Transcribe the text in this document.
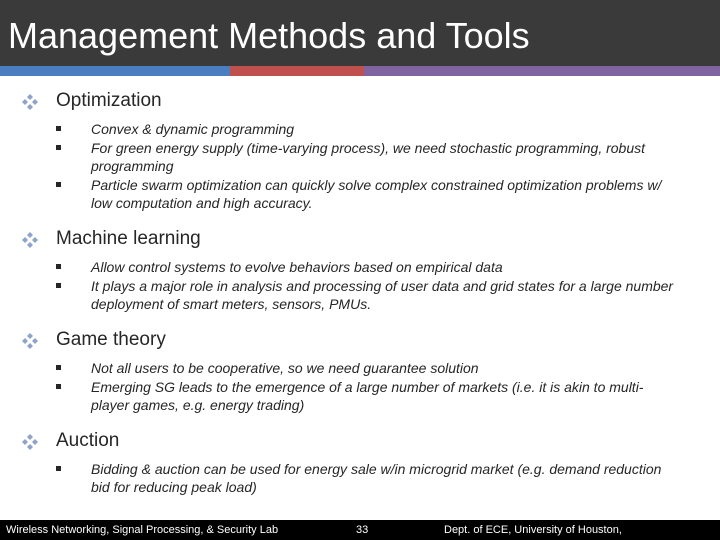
Management Methods and Tools
Optimization
Convex & dynamic programming
For green energy supply (time-varying process), we need stochastic programming, robust programming
Particle swarm optimization can quickly solve complex constrained optimization problems w/ low computation and high accuracy.
Machine learning
Allow control systems to evolve behaviors based on empirical data
It plays a major role in analysis and processing of user data and grid states for a large number deployment of smart meters, sensors, PMUs.
Game theory
Not all users to be cooperative, so we need guarantee solution
Emerging SG leads to the emergence of a large number of markets (i.e. it is akin to multi-player games, e.g. energy trading)
Auction
Bidding & auction can be used for energy sale w/in microgrid market (e.g. demand reduction bid for reducing peak load)
Wireless Networking, Signal Processing, & Security Lab	33	Dept. of ECE, University of Houston,
